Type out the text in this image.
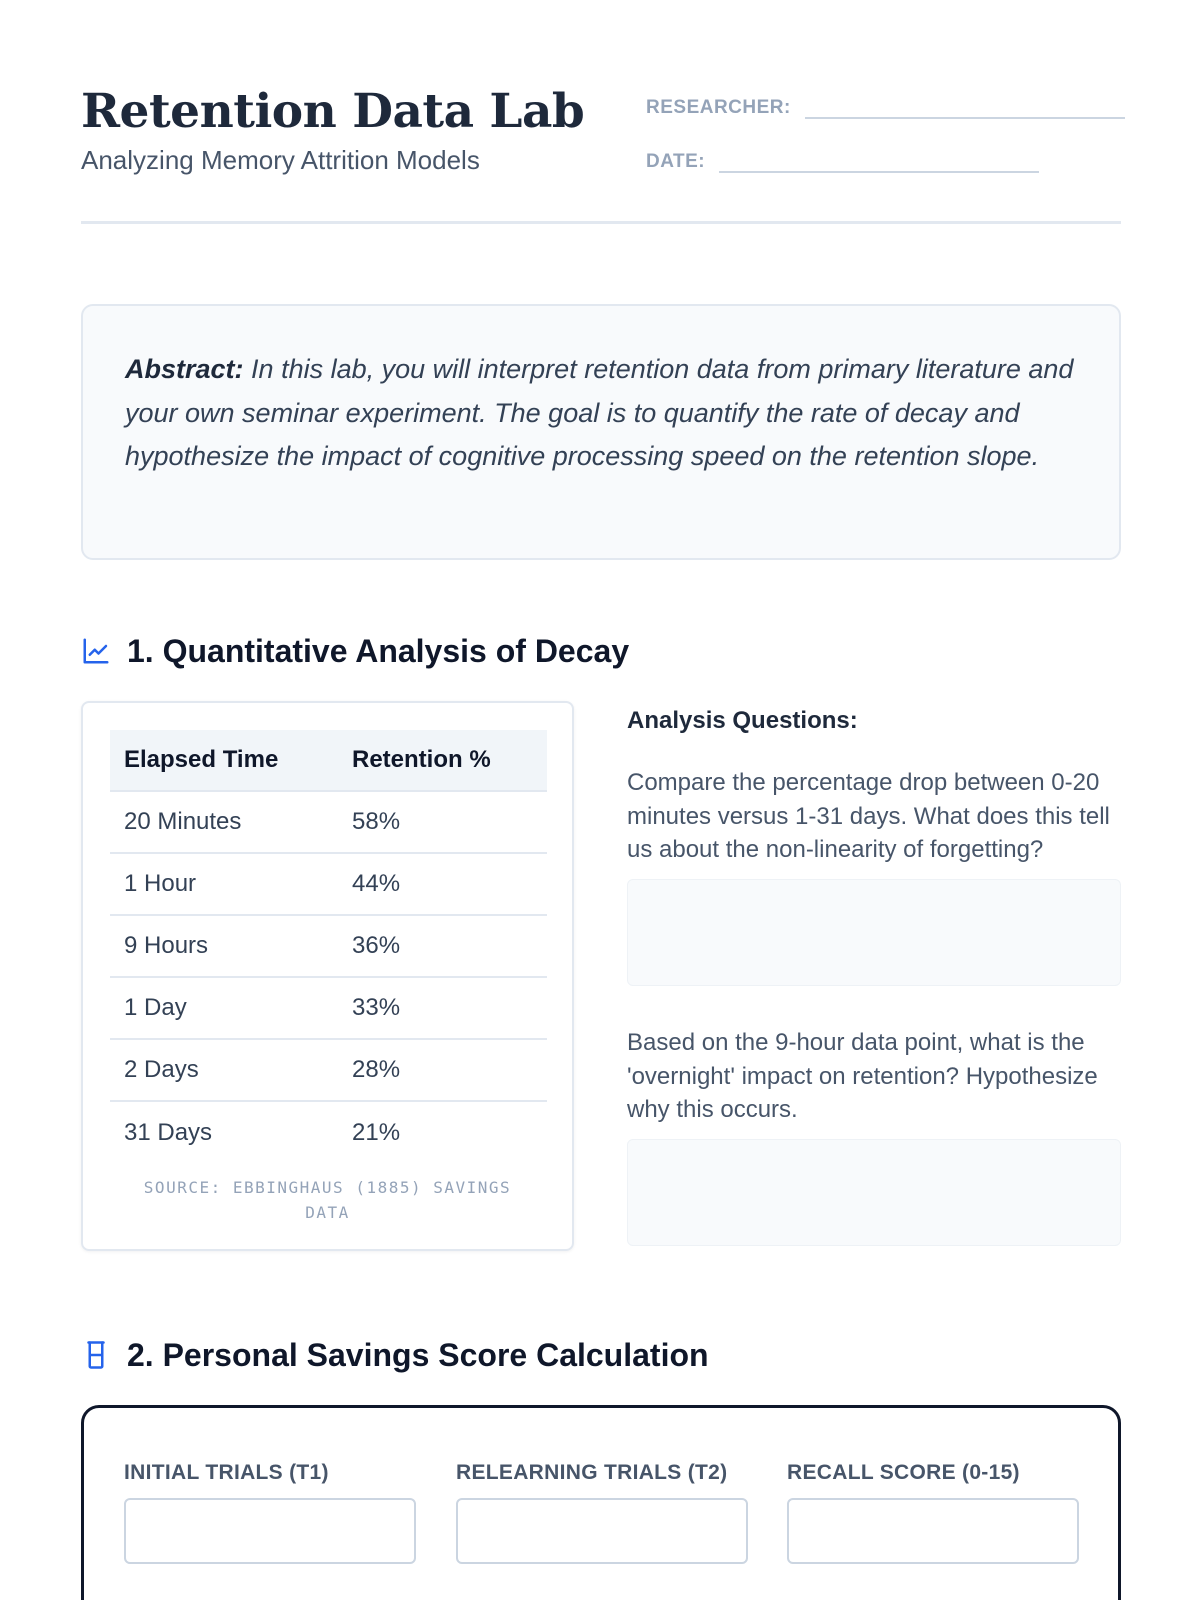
Retention Data Lab
Analyzing Memory Attrition Models
RESEARCHER:
DATE:

Abstract: In this lab, you will interpret retention data from primary literature and your own seminar experiment. The goal is to quantify the rate of decay and hypothesize the impact of cognitive processing speed on the retention slope.

1. Quantitative Analysis of Decay
Elapsed Time	Retention %
20 Minutes	58%
1 Hour	44%
9 Hours	36%
1 Day	33%
2 Days	28%
31 Days	21%
SOURCE: EBBINGHAUS (1885) SAVINGS DATA
Analysis Questions:
Compare the percentage drop between 0-20 minutes versus 1-31 days. What does this tell us about the non-linearity of forgetting?
Based on the 9-hour data point, what is the 'overnight' impact on retention? Hypothesize why this occurs.
2. Personal Savings Score Calculation
INITIAL TRIALS (T1)	RELEARNING TRIALS (T2)	RECALL SCORE (0-15)
